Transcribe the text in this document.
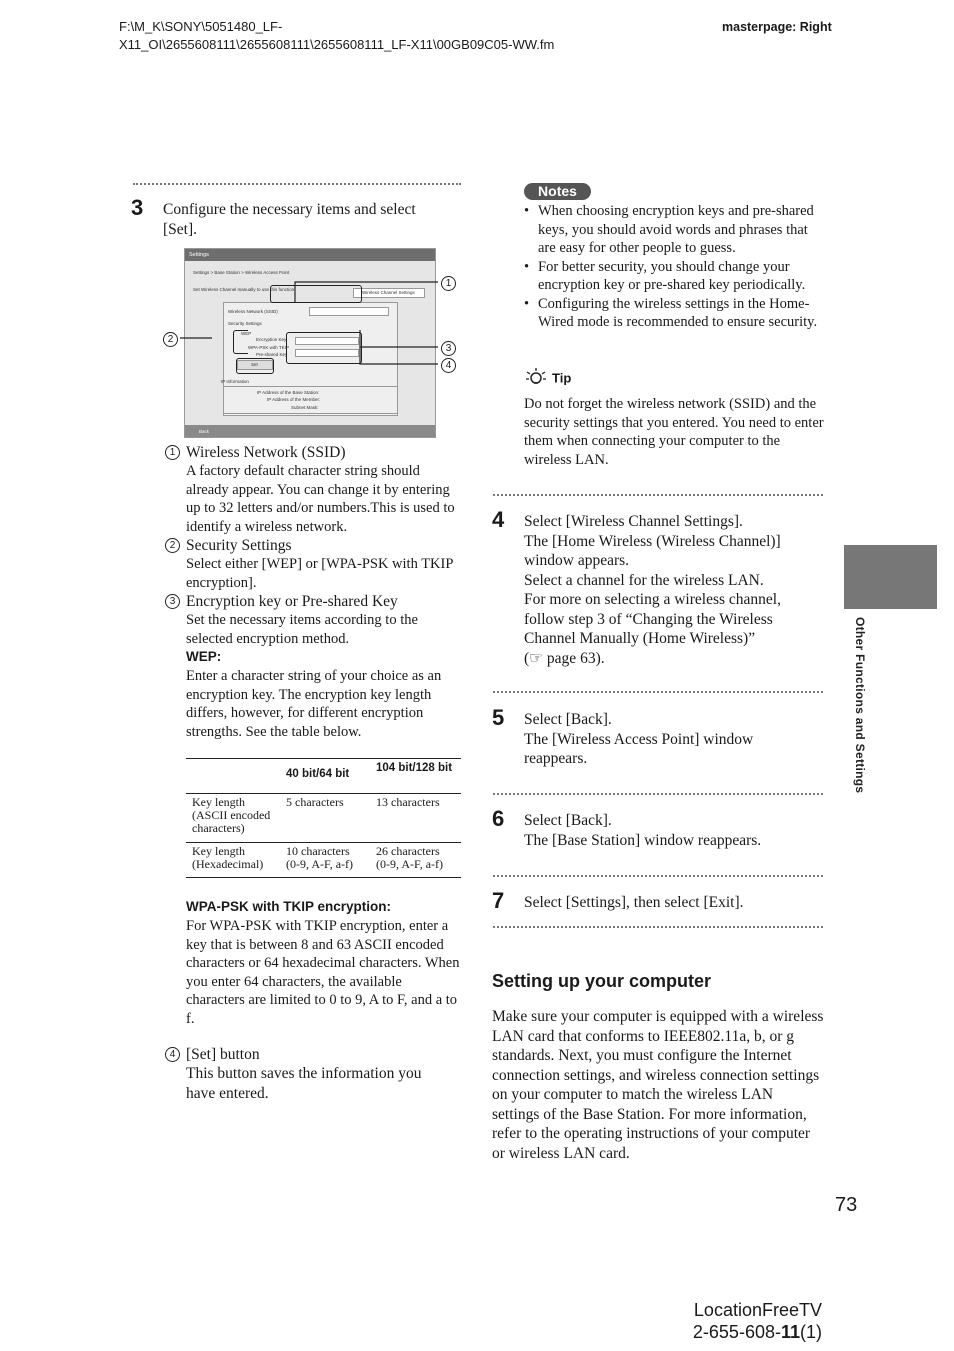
F:\M_K\SONY\5051480_LF-
X11_OI\2655608111\2655608111\2655608111_LF-X11\00GB09C05-WW.fm
masterpage: Right
Other Functions and Settings
3 Configure the necessary items and select
[Set].
Settings
Settings > Base Station > Wireless Access Point
Set Wireless Channel manually to use this function:
Wireless Channel Settings
Wireless Network (SSID)
Security Settings
WEP
Encryption Key
WPA-PSK with TKIP
Pre-shared Key
Set
IP Information
IP Address of the Base Station:
IP Address of the Member:
Subnet Mask:
Back
1
2
3
4
1 Wireless Network (SSID)
A factory default character string should already appear. You can change it by entering up to 32 letters and/or numbers.This is used to identify a wireless network.
2 Security Settings
Select either [WEP] or [WPA-PSK with TKIP encryption].
3 Encryption key or Pre-shared Key
Set the necessary items according to the selected encryption method.
WEP:
Enter a character string of your choice as an encryption key. The encryption key length differs, however, for different encryption strengths. See the table below.
	40 bit/64 bit	104 bit/128 bit
Key length (ASCII encoded characters)	5 characters	13 characters
Key length (Hexadecimal)	10 characters (0-9, A-F, a-f)	26 characters (0-9, A-F, a-f)
WPA-PSK with TKIP encryption:
For WPA-PSK with TKIP encryption, enter a key that is between 8 and 63 ASCII encoded characters or 64 hexadecimal characters. When you enter 64 characters, the available characters are limited to 0 to 9, A to F, and a to f.
4 [Set] button
This button saves the information you have entered.
Notes
• When choosing encryption keys and pre-shared keys, you should avoid words and phrases that are easy for other people to guess.
• For better security, you should change your encryption key or pre-shared key periodically.
• Configuring the wireless settings in the Home-Wired mode is recommended to ensure security.
Tip
Do not forget the wireless network (SSID) and the security settings that you entered. You need to enter them when connecting your computer to the wireless LAN.
4 Select [Wireless Channel Settings].
The [Home Wireless (Wireless Channel)]
window appears.
Select a channel for the wireless LAN.
For more on selecting a wireless channel,
follow step 3 of “Changing the Wireless
Channel Manually (Home Wireless)”
(☞ page 63).
5 Select [Back].
The [Wireless Access Point] window
reappears.
6 Select [Back].
The [Base Station] window reappears.
7 Select [Settings], then select [Exit].
Setting up your computer
Make sure your computer is equipped with a wireless LAN card that conforms to IEEE802.11a, b, or g standards. Next, you must configure the Internet connection settings, and wireless connection settings on your computer to match the wireless LAN settings of the Base Station. For more information, refer to the operating instructions of your computer or wireless LAN card.
73
LocationFreeTV
2-655-608-11(1)
